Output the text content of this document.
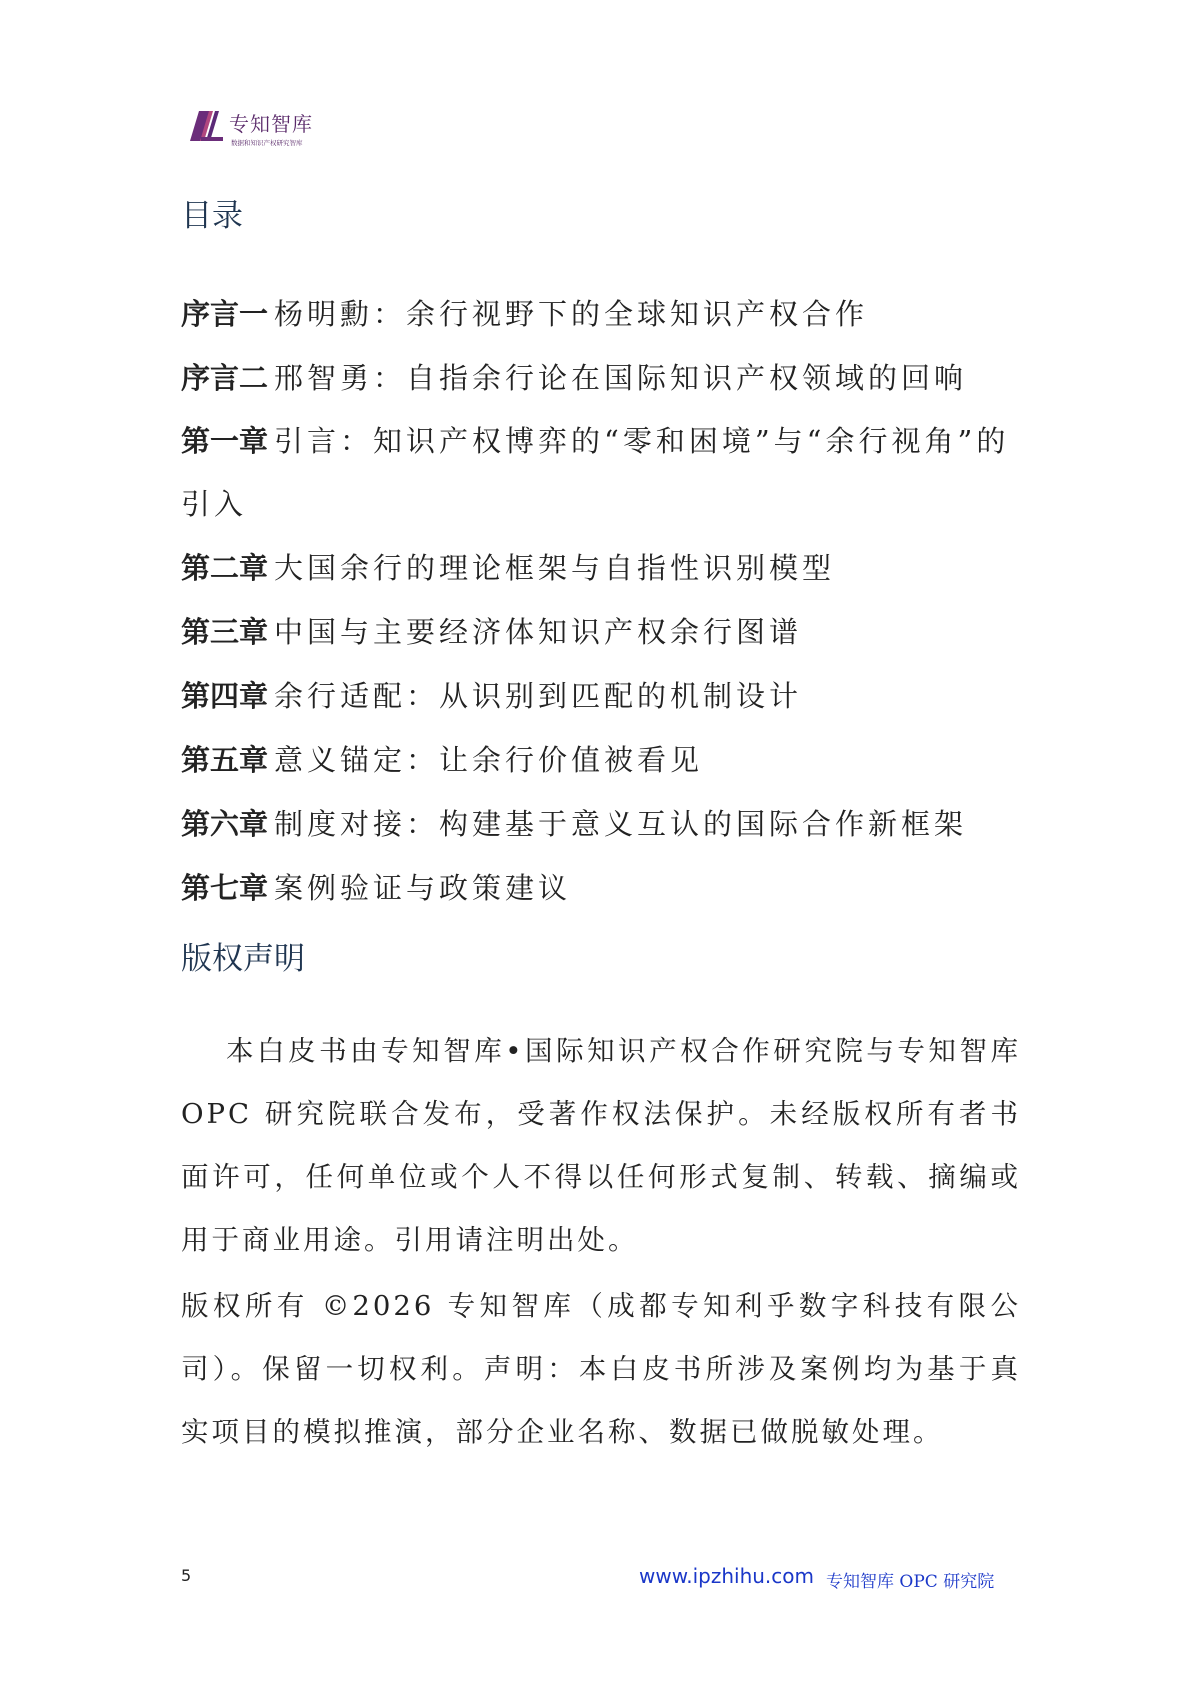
专知智库
数据和知识产权研究智库
目录
序言一 杨明勳：余行视野下的全球知识产权合作
序言二 邢智勇：自指余行论在国际知识产权领域的回响
第一章 引言：知识产权博弈的“零和困境”与“余行视角”的引入
第二章 大国余行的理论框架与自指性识别模型
第三章 中国与主要经济体知识产权余行图谱
第四章 余行适配：从识别到匹配的机制设计
第五章 意义锚定：让余行价值被看见
第六章 制度对接：构建基于意义互认的国际合作新框架
第七章 案例验证与政策建议
版权声明

本白皮书由专知智库•国际知识产权合作研究院与专知智库 OPC 研究院联合发布，受著作权法保护。未经版权所有者书面许可，任何单位或个人不得以任何形式复制、转载、摘编或用于商业用途。引用请注明出处。

版权所有 ©2026 专知智库（成都专知利乎数字科技有限公司）。保留一切权利。声明：本白皮书所涉及案例均为基于真实项目的模拟推演，部分企业名称、数据已做脱敏处理。

5	www.ipzhihu.com 专知智库 OPC 研究院
